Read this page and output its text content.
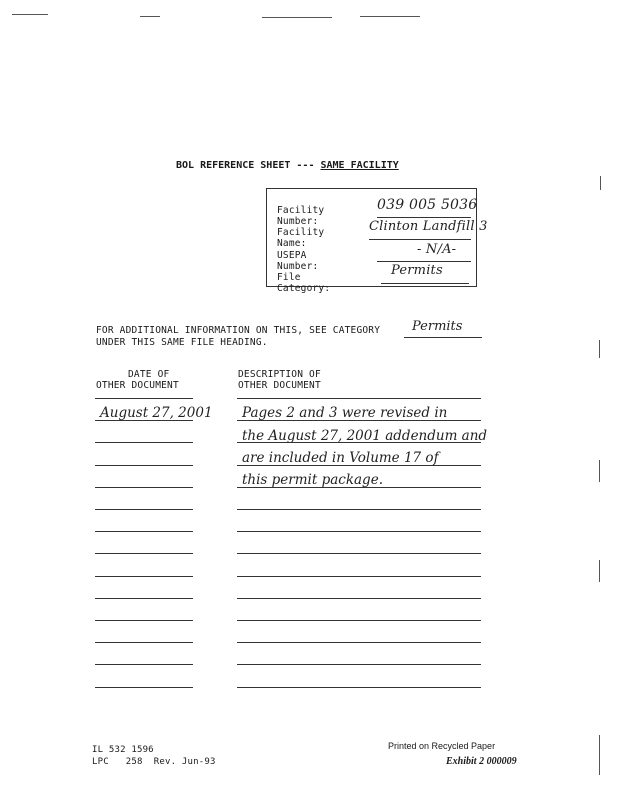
BOL REFERENCE SHEET --- SAME FACILITY
Facility Number:
039 005 5036
Facility Name:
Clinton Landfill 3
USEPA Number:
- N/A-
File Category:
Permits
FOR ADDITIONAL INFORMATION ON THIS, SEE CATEGORY
UNDER THIS SAME FILE HEADING.
Permits
DATE OF
OTHER DOCUMENT
DESCRIPTION OF
OTHER DOCUMENT
August 27, 2001 Pages 2 and 3 were revised in
the August 27, 2001 addendum and
are included in Volume 17 of
this permit package.
IL 532 1596
LPC   258  Rev. Jun-93
Printed on Recycled Paper
Exhibit 2 000009
